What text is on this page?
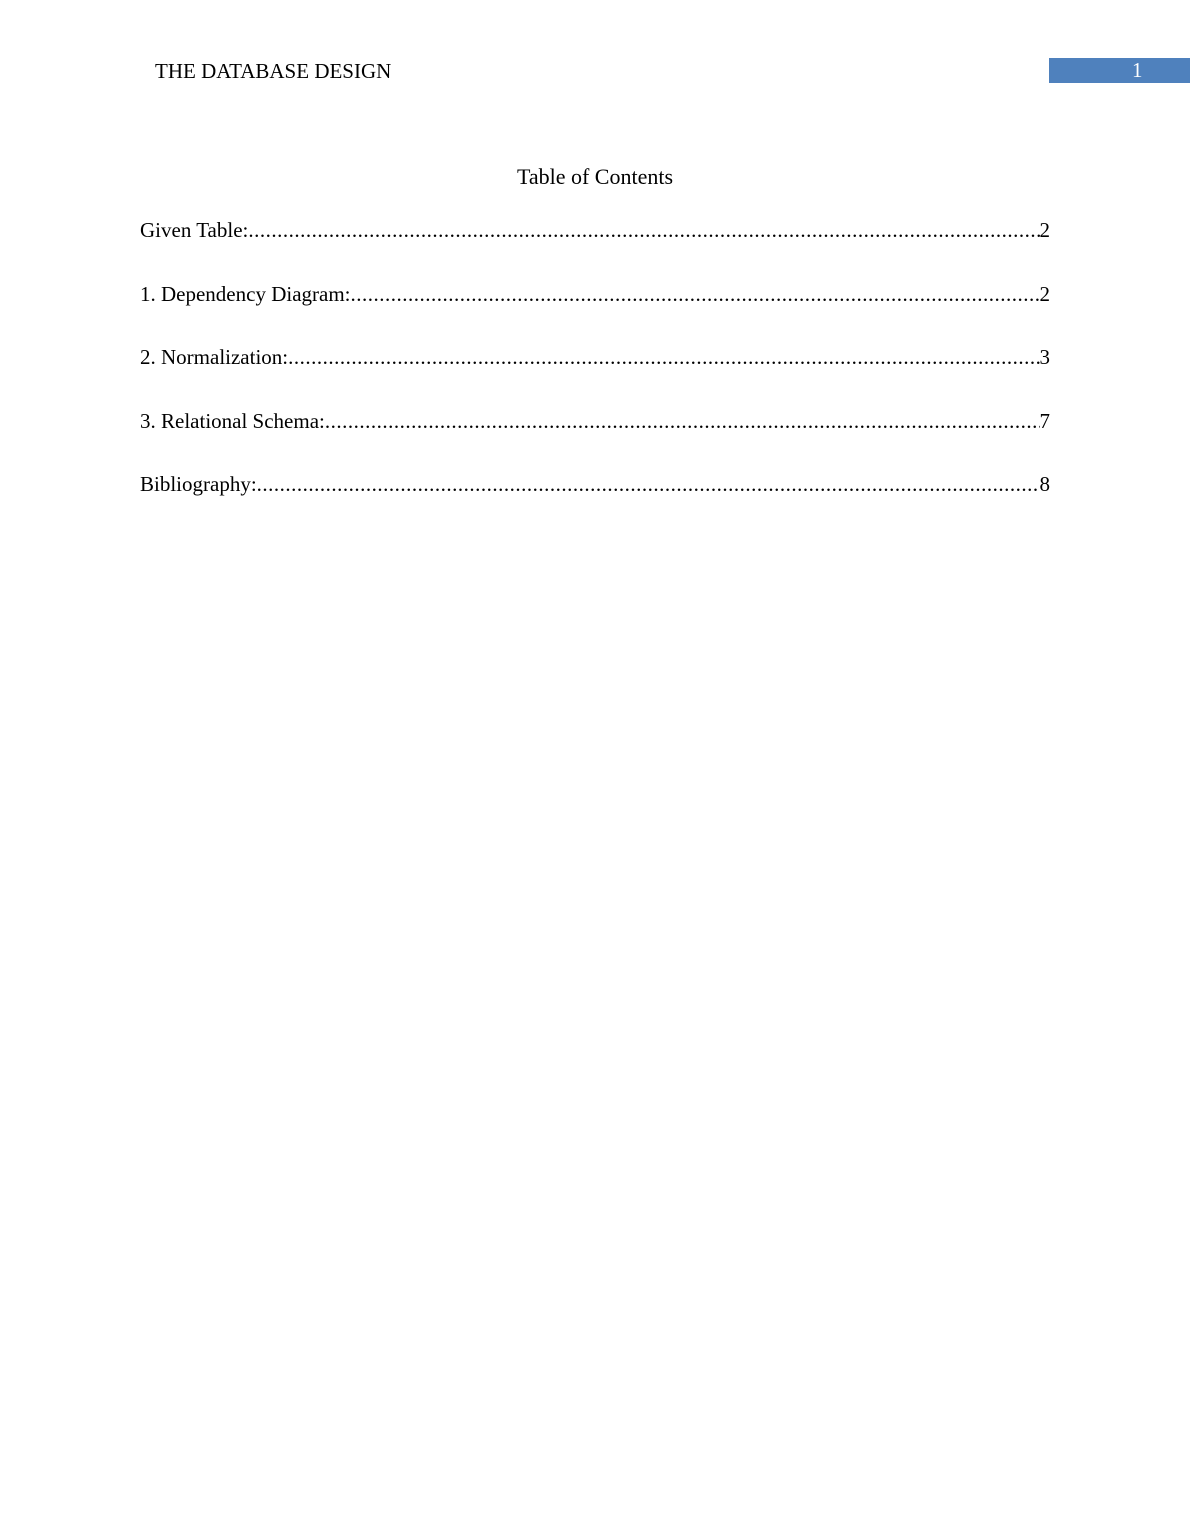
THE DATABASE DESIGN	1
Table of Contents
Given Table: .....	2
1. Dependency Diagram: .....	2
2. Normalization: .....	3
3. Relational Schema: .....	7
Bibliography: .....	8
